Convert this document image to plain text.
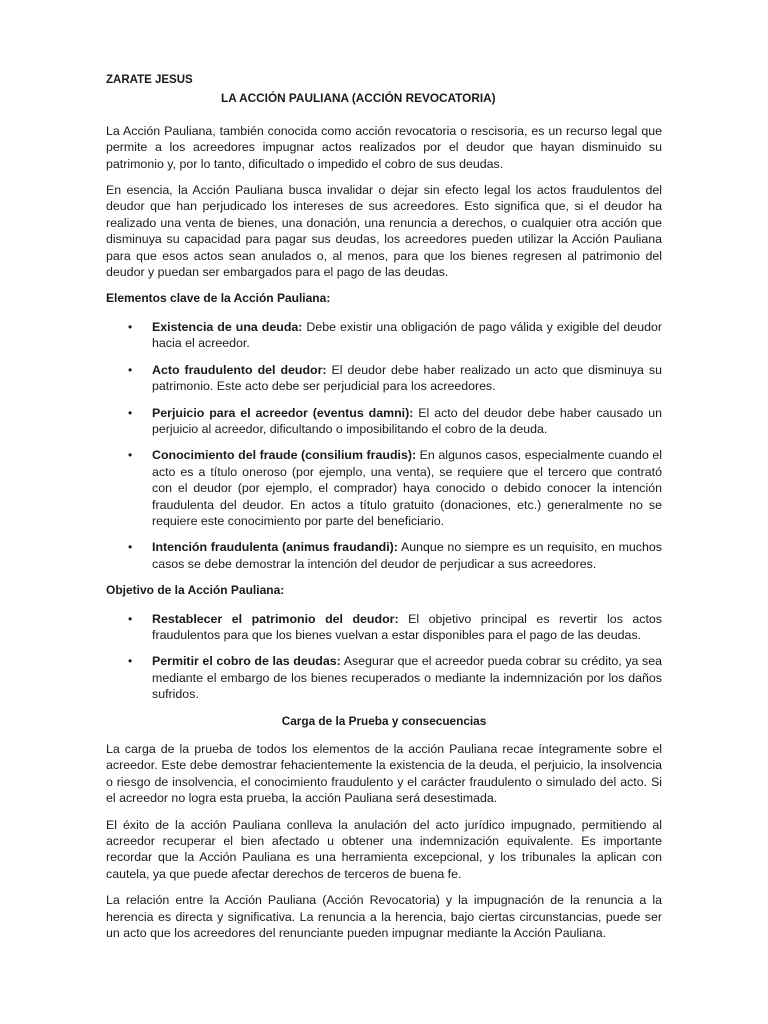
ZARATE JESUS

LA ACCIÓN PAULIANA (ACCIÓN REVOCATORIA)

La Acción Pauliana, también conocida como acción revocatoria o rescisoria, es un recurso legal que permite a los acreedores impugnar actos realizados por el deudor que hayan disminuido su patrimonio y, por lo tanto, dificultado o impedido el cobro de sus deudas.

En esencia, la Acción Pauliana busca invalidar o dejar sin efecto legal los actos fraudulentos del deudor que han perjudicado los intereses de sus acreedores. Esto significa que, si el deudor ha realizado una venta de bienes, una donación, una renuncia a derechos, o cualquier otra acción que disminuya su capacidad para pagar sus deudas, los acreedores pueden utilizar la Acción Pauliana para que esos actos sean anulados o, al menos, para que los bienes regresen al patrimonio del deudor y puedan ser embargados para el pago de las deudas.

Elementos clave de la Acción Pauliana:

• Existencia de una deuda: Debe existir una obligación de pago válida y exigible del deudor hacia el acreedor.
• Acto fraudulento del deudor: El deudor debe haber realizado un acto que disminuya su patrimonio. Este acto debe ser perjudicial para los acreedores.
• Perjuicio para el acreedor (eventus damni): El acto del deudor debe haber causado un perjuicio al acreedor, dificultando o imposibilitando el cobro de la deuda.
• Conocimiento del fraude (consilium fraudis): En algunos casos, especialmente cuando el acto es a título oneroso (por ejemplo, una venta), se requiere que el tercero que contrató con el deudor (por ejemplo, el comprador) haya conocido o debido conocer la intención fraudulenta del deudor. En actos a título gratuito (donaciones, etc.) generalmente no se requiere este conocimiento por parte del beneficiario.
• Intención fraudulenta (animus fraudandi): Aunque no siempre es un requisito, en muchos casos se debe demostrar la intención del deudor de perjudicar a sus acreedores.

Objetivo de la Acción Pauliana:

• Restablecer el patrimonio del deudor: El objetivo principal es revertir los actos fraudulentos para que los bienes vuelvan a estar disponibles para el pago de las deudas.
• Permitir el cobro de las deudas: Asegurar que el acreedor pueda cobrar su crédito, ya sea mediante el embargo de los bienes recuperados o mediante la indemnización por los daños sufridos.

Carga de la Prueba y consecuencias

La carga de la prueba de todos los elementos de la acción Pauliana recae íntegramente sobre el acreedor. Este debe demostrar fehacientemente la existencia de la deuda, el perjuicio, la insolvencia o riesgo de insolvencia, el conocimiento fraudulento y el carácter fraudulento o simulado del acto. Si el acreedor no logra esta prueba, la acción Pauliana será desestimada.

El éxito de la acción Pauliana conlleva la anulación del acto jurídico impugnado, permitiendo al acreedor recuperar el bien afectado u obtener una indemnización equivalente. Es importante recordar que la Acción Pauliana es una herramienta excepcional, y los tribunales la aplican con cautela, ya que puede afectar derechos de terceros de buena fe.

La relación entre la Acción Pauliana (Acción Revocatoria) y la impugnación de la renuncia a la herencia es directa y significativa. La renuncia a la herencia, bajo ciertas circunstancias, puede ser un acto que los acreedores del renunciante pueden impugnar mediante la Acción Pauliana.
